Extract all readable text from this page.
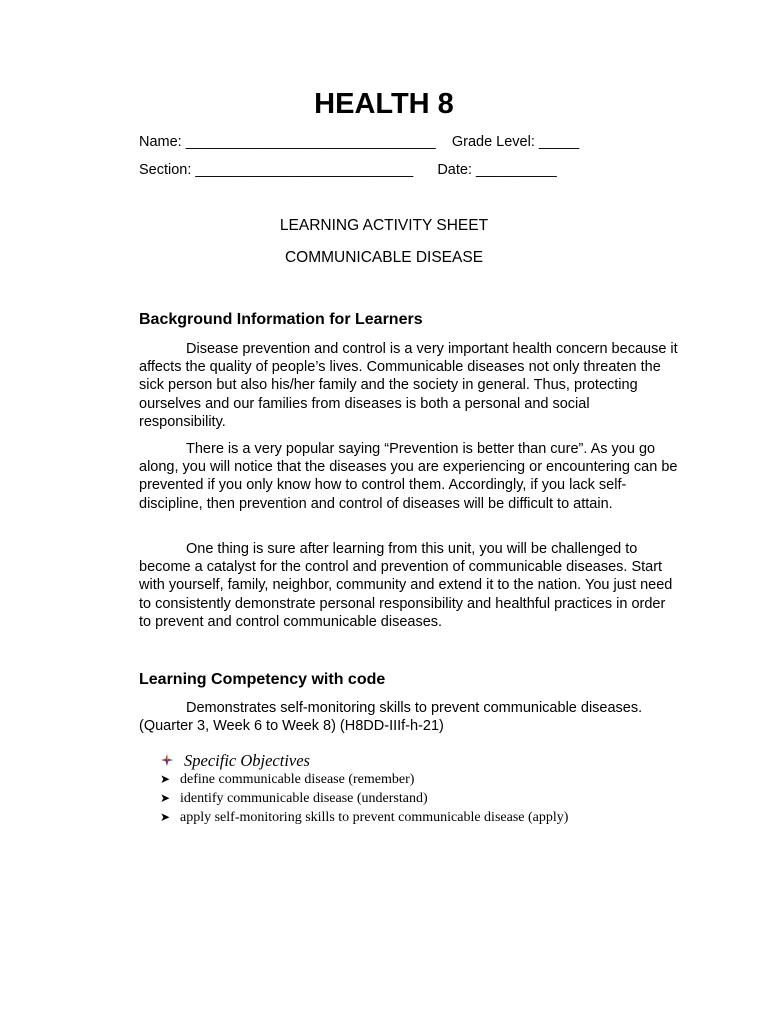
HEALTH 8
Name: _______________________________    Grade Level: _____
Section: ___________________________      Date: __________
LEARNING ACTIVITY SHEET
COMMUNICABLE DISEASE
Background Information for Learners

Disease prevention and control is a very important health concern because it affects the quality of people’s lives. Communicable diseases not only threaten the sick person but also his/her family and the society in general. Thus, protecting ourselves and our families from diseases is both a personal and social responsibility.

There is a very popular saying “Prevention is better than cure”. As you go along, you will notice that the diseases you are experiencing or encountering can be prevented if you only know how to control them. Accordingly, if you lack self-discipline, then prevention and control of diseases will be difficult to attain.

One thing is sure after learning from this unit, you will be challenged to become a catalyst for the control and prevention of communicable diseases. Start with yourself, family, neighbor, community and extend it to the nation. You just need to consistently demonstrate personal responsibility and healthful practices in order to prevent and control communicable diseases.

Learning Competency with code

Demonstrates self-monitoring skills to prevent communicable diseases. (Quarter 3, Week 6 to Week 8) (H8DD-IIIf-h-21)

Specific Objectives
➤ define communicable disease (remember)
➤ identify communicable disease (understand)
➤ apply self-monitoring skills to prevent communicable disease (apply)
